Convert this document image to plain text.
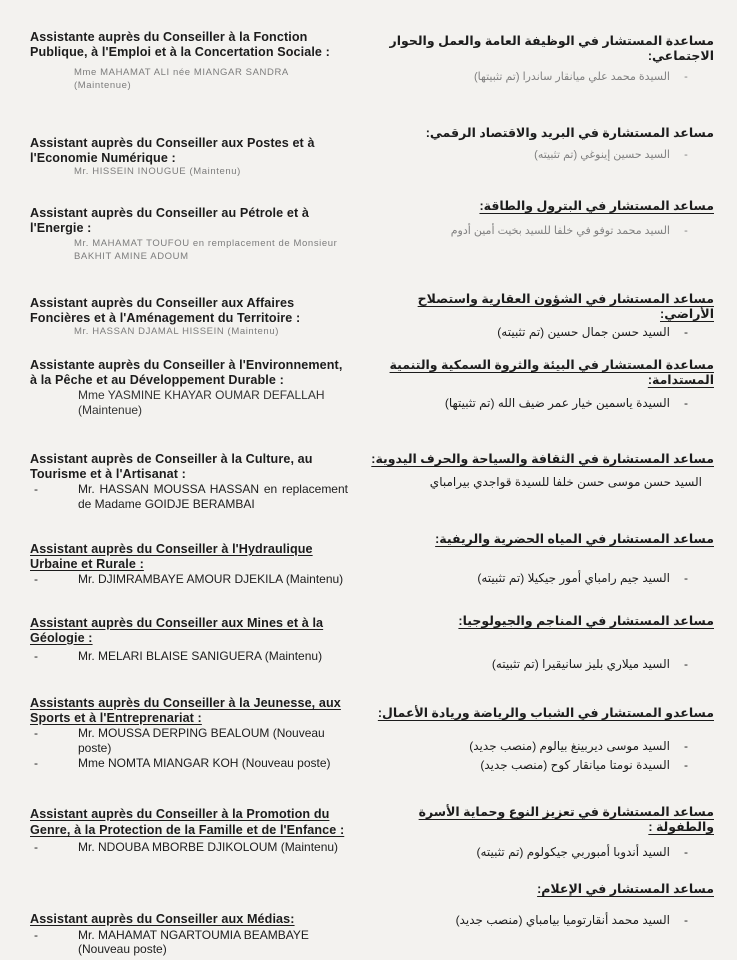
Assistante auprès du Conseiller à la Fonction Publique, à l'Emploi et à la Concertation Sociale :
Mme MAHAMAT ALI née MIANGAR SANDRA (Maintenue)
مساعدة المستشار في الوظيفة العامة والعمل والحوار الاجتماعي:
-السيدة محمد علي ميانقار ساندرا (تم تثبيتها)
Assistant auprès du Conseiller aux Postes et à l'Economie Numérique :
Mr. HISSEIN INOUGUE (Maintenu)
مساعد المستشارة في البريد والاقتصاد الرقمي:
-السيد حسين إينوغي (تم تثبيته)
Assistant auprès du Conseiller au Pétrole et à l'Energie :
Mr. MAHAMAT TOUFOU en remplacement de Monsieur BAKHIT AMINE ADOUM
مساعد المستشار في البترول والطاقة:
-السيد محمد توفو في خلفا للسيد بخيت أمين أدوم
Assistant auprès du Conseiller aux Affaires Foncières et à l'Aménagement du Territoire :
Mr. HASSAN DJAMAL HISSEIN (Maintenu)
مساعد المستشار في الشؤون العقارية واستصلاح الأراضي:
-السيد حسن جمال حسين (تم تثبيته)
Assistante auprès du Conseiller à l'Environnement, à la Pêche et au Développement Durable :
Mme YASMINE KHAYAR OUMAR DEFALLAH (Maintenue)
مساعدة المستشار في البيئة والثروة السمكية والتنمية المستدامة:
-السيدة ياسمين خيار عمر ضيف الله (تم تثبيتها)
Assistant auprès de Conseiller à la Culture, au Tourisme et à l'Artisanat :
-	Mr. HASSAN MOUSSA HASSAN en replacement de Madame GOIDJE BERAMBAI
مساعد المستشارة في الثقافة والسياحة والحرف اليدوية:
السيد حسن موسى حسن خلفا للسيدة قواجدي بيرامباي
Assistant auprès du Conseiller à l'Hydraulique Urbaine et Rurale :
-	Mr. DJIMRAMBAYE AMOUR DJEKILA (Maintenu)
مساعد المستشار في المياه الحضرية والريفية:
-السيد جيم رامباي أمور جيكيلا (تم تثبيته)
Assistant auprès du Conseiller aux Mines et à la Géologie :
-	Mr. MELARI BLAISE SANIGUERA (Maintenu)
مساعد المستشار في المناجم والجيولوجيا:
-السيد ميلاري بليز سانيقيرا (تم تثبيته)
Assistants auprès du Conseiller à la Jeunesse, aux Sports et à l'Entreprenariat :
-	Mr. MOUSSA DERPING BEALOUM (Nouveau poste)
-	Mme NOMTA MIANGAR KOH (Nouveau poste)
مساعدو المستشار في الشباب والرياضة وريادة الأعمال:
-السيد موسى ديربينغ بيالوم (منصب جديد)
-السيدة نومتا ميانقار كوح (منصب جديد)
Assistant auprès du Conseiller à la Promotion du Genre, à la Protection de la Famille et de l'Enfance :
-	Mr. NDOUBA MBORBE DJIKOLOUM (Maintenu)
مساعد المستشارة في تعزيز النوع وحماية الأسرة والطفولة :
-السيد أندوبا أمبوربي جيكولوم (تم تثبيته)
Assistant auprès du Conseiller aux Médias:
-	Mr. MAHAMAT NGARTOUMIA BEAMBAYE (Nouveau poste)
مساعد المستشار في الإعلام:
-السيد محمد أنقارتوميا بيامباي (منصب جديد)
